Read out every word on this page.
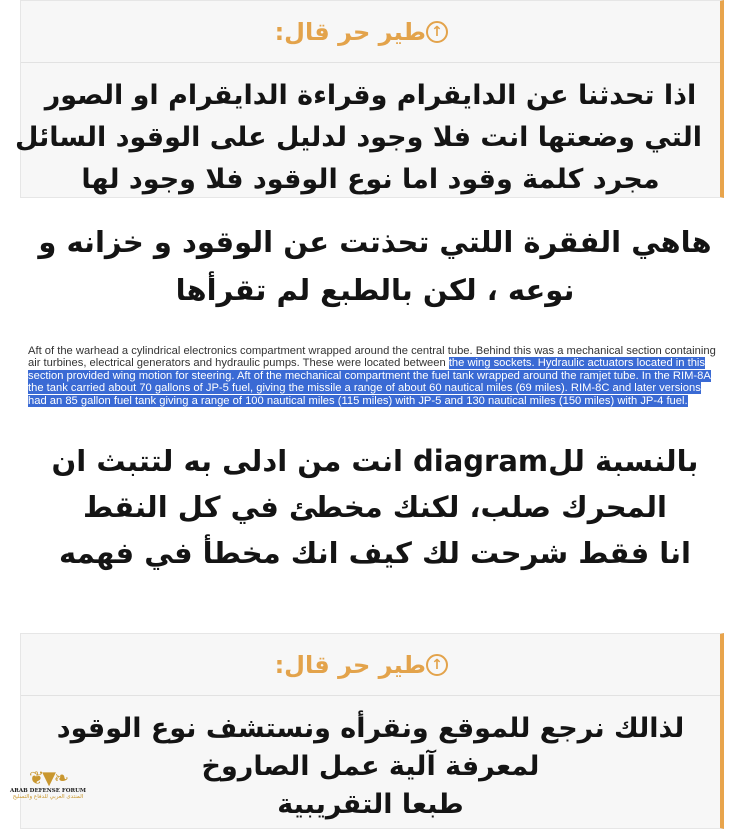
طير حر قال: ↑
اذا تحدثنا عن الدايقرام وقراءة الدايقرام او الصور
التي وضعتها انت فلا وجود لدليل على الوقود السائل
مجرد كلمة وقود اما نوع الوقود فلا وجود لها
هاهي الفقرة اللتي تحذتت عن الوقود و خزانه و
نوعه ، لكن بالطبع لم تقرأها
Aft of the warhead a cylindrical electronics compartment wrapped around the central tube. Behind this was a mechanical section containing air turbines, electrical generators and hydraulic pumps. These were located between the wing sockets. Hydraulic actuators located in this section provided wing motion for steering. Aft of the mechanical compartment the fuel tank wrapped around the ramjet tube. In the RIM-8A the tank carried about 70 gallons of JP-5 fuel, giving the missile a range of about 60 nautical miles (69 miles). RIM-8C and later versions had an 85 gallon fuel tank giving a range of 100 nautical miles (115 miles) with JP-5 and 130 nautical miles (150 miles) with JP-4 fuel.
بالنسبة للdiagram انت من ادلى به لتتبث ان
المحرك صلب، لكنك مخطئ في كل النقط
انا فقط شرحت لك كيف انك مخطأ في فهمه
طير حر قال: ↑
لذالك نرجع للموقع ونقرأه ونستشف نوع الوقود
لمعرفة آلية عمل الصاروخ
طبعا التقريبية
❦▼❧
ARAB DEFENSE FORUM
المنتدى العربي للدفاع والتسليح
